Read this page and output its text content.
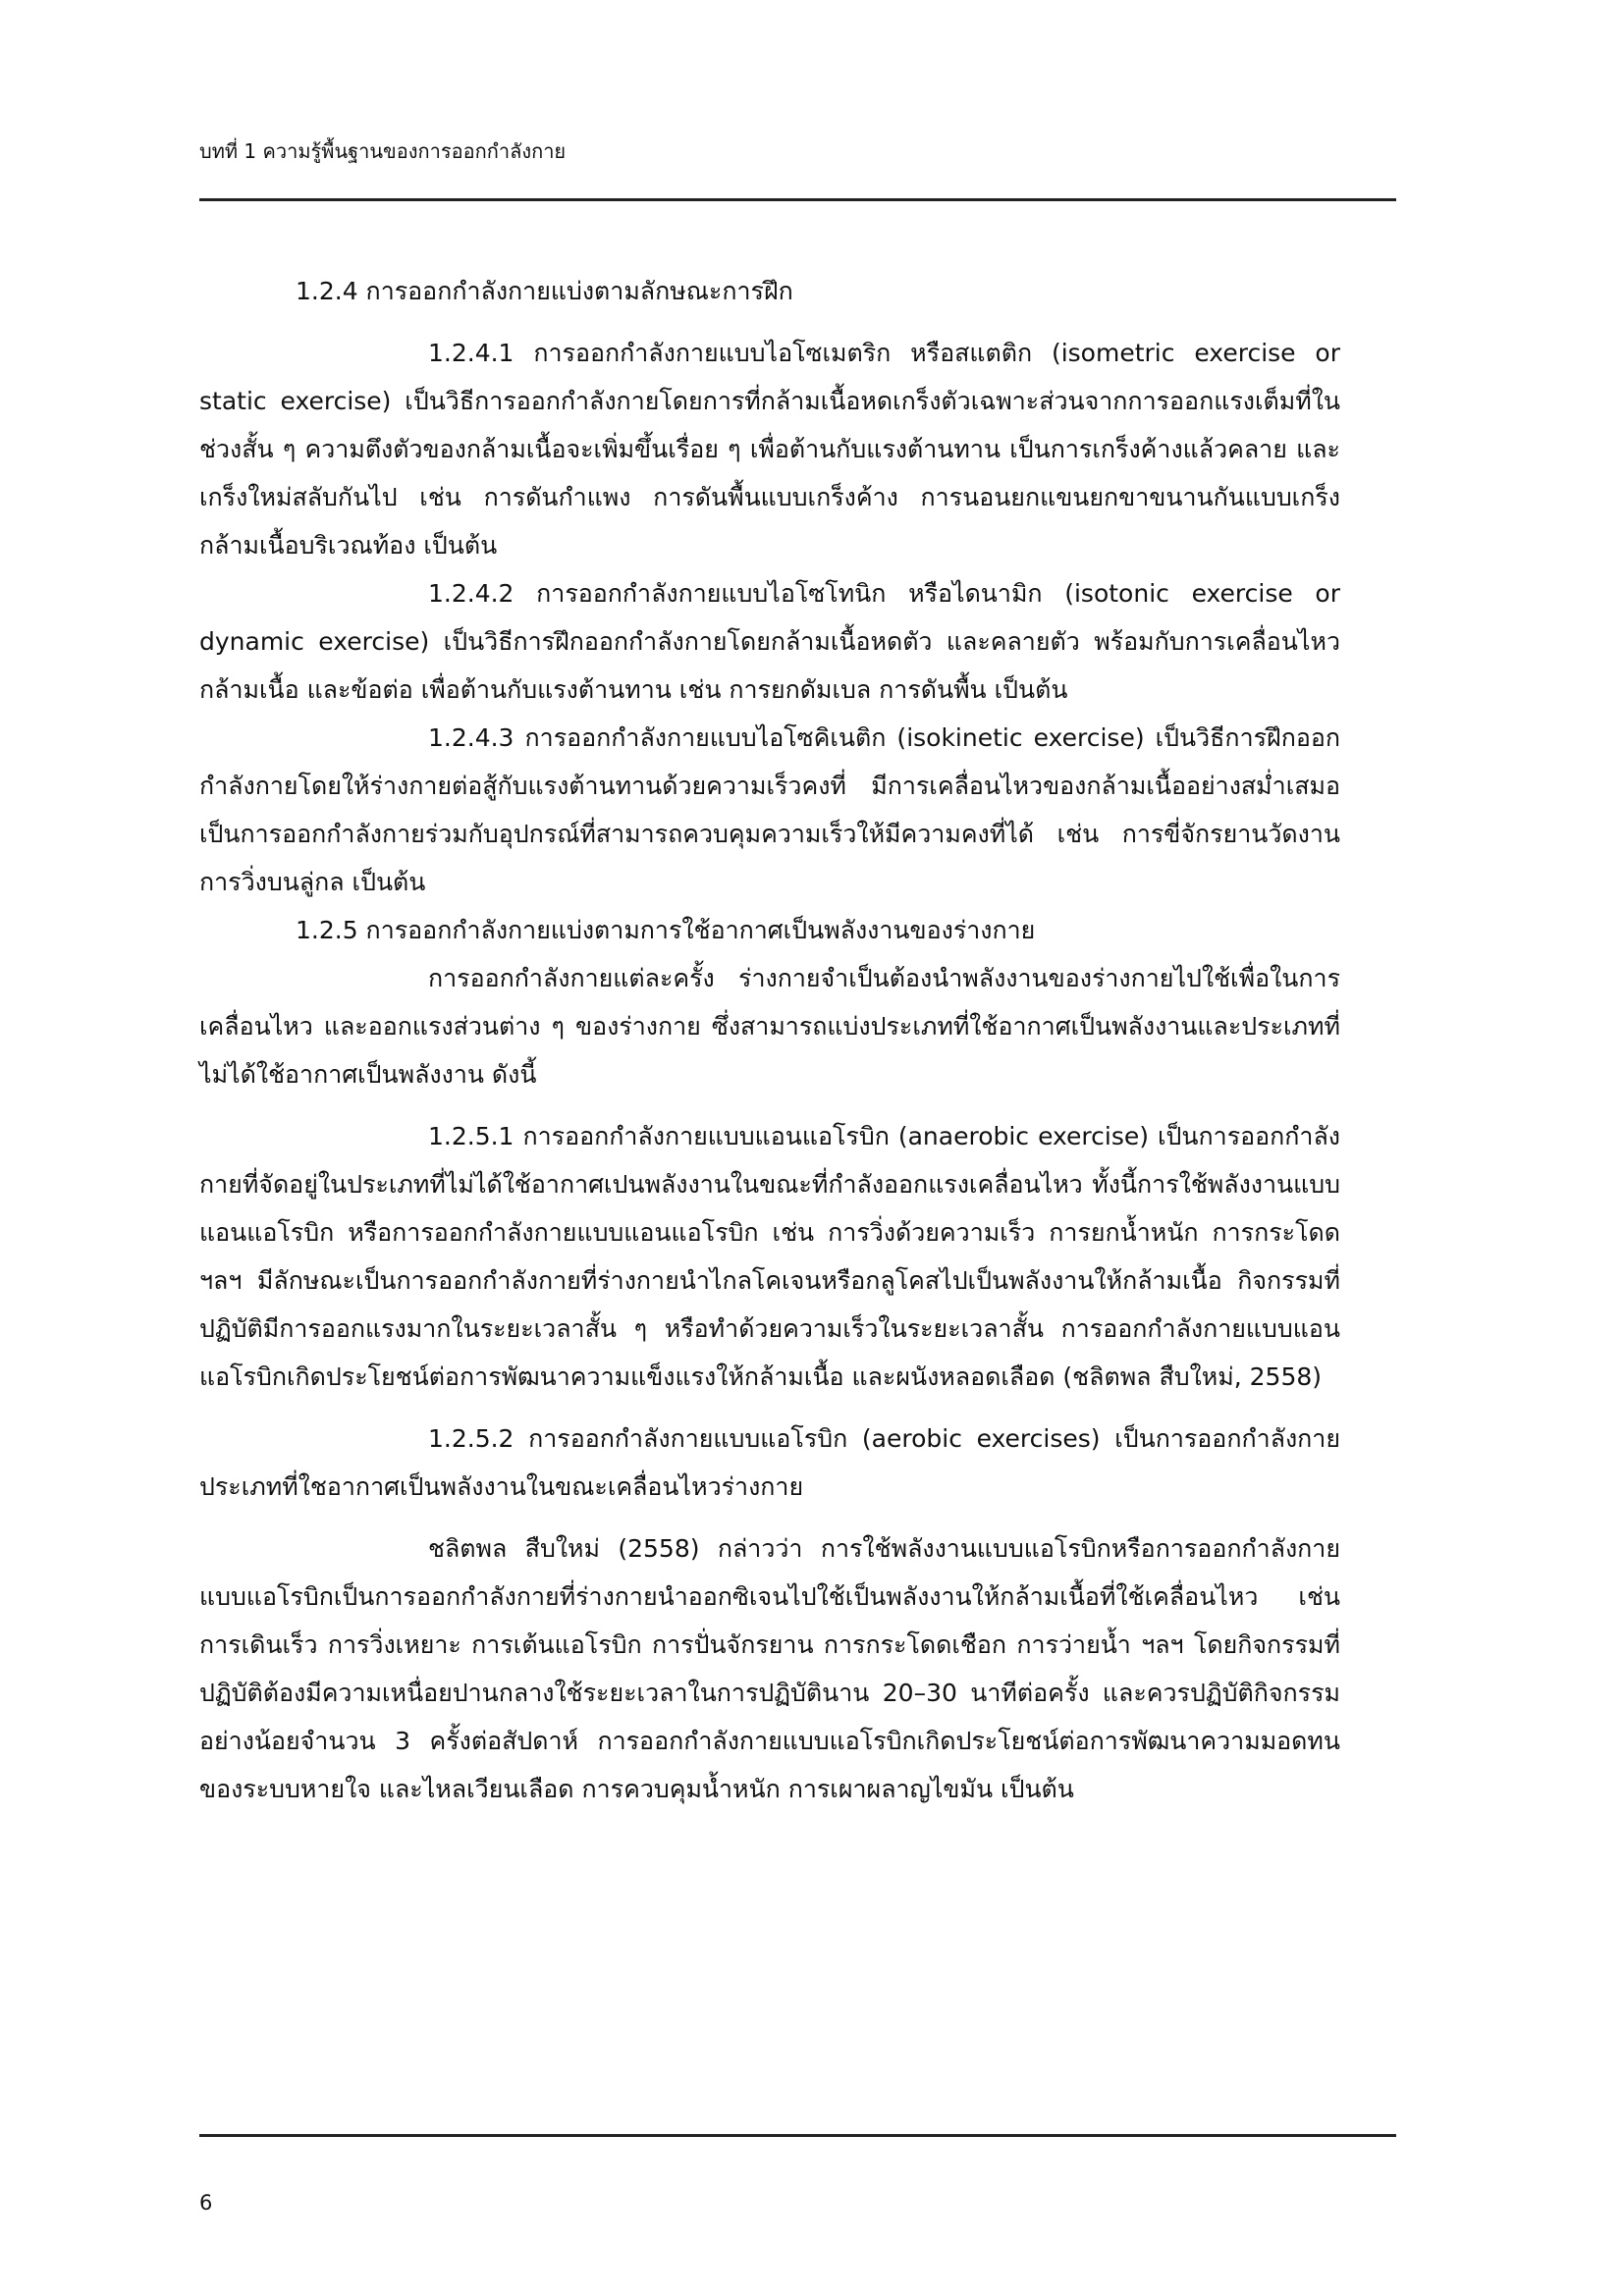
บทที่ 1 ความรู้พื้นฐานของการออกกำลังกาย

1.2.4 การออกกำลังกายแบ่งตามลักษณะการฝึก

1.2.4.1 การออกกำลังกายแบบไอโซเมตริก หรือสแตติก (isometric exercise or static exercise) เป็นวิธีการออกกำลังกายโดยการที่กล้ามเนื้อหดเกร็งตัวเฉพาะส่วนจากการออกแรงเต็มที่ในช่วงสั้น ๆ ความตึงตัวของกล้ามเนื้อจะเพิ่มขึ้นเรื่อย ๆ เพื่อต้านกับแรงต้านทาน เป็นการเกร็งค้างแล้วคลาย และเกร็งใหม่สลับกันไป เช่น การดันกำแพง การดันพื้นแบบเกร็งค้าง การนอนยกแขนยกขาขนานกันแบบเกร็งกล้ามเนื้อบริเวณท้อง เป็นต้น

1.2.4.2 การออกกำลังกายแบบไอโซโทนิก หรือไดนามิก (isotonic exercise or dynamic exercise) เป็นวิธีการฝึกออกกำลังกายโดยกล้ามเนื้อหดตัว และคลายตัว พร้อมกับการเคลื่อนไหวกล้ามเนื้อ และข้อต่อ เพื่อต้านกับแรงต้านทาน เช่น การยกดัมเบล การดันพื้น เป็นต้น

1.2.4.3 การออกกำลังกายแบบไอโซคิเนติก (isokinetic exercise) เป็นวิธีการฝึกออกกำลังกายโดยให้ร่างกายต่อสู้กับแรงต้านทานด้วยความเร็วคงที่ มีการเคลื่อนไหวของกล้ามเนื้ออย่างสม่ำเสมอ เป็นการออกกำลังกายร่วมกับอุปกรณ์ที่สามารถควบคุมความเร็วให้มีความคงที่ได้ เช่น การขี่จักรยานวัดงาน การวิ่งบนลู่กล เป็นต้น

1.2.5 การออกกำลังกายแบ่งตามการใช้อากาศเป็นพลังงานของร่างกาย

การออกกำลังกายแต่ละครั้ง ร่างกายจำเป็นต้องนำพลังงานของร่างกายไปใช้เพื่อในการเคลื่อนไหว และออกแรงส่วนต่าง ๆ ของร่างกาย ซึ่งสามารถแบ่งประเภทที่ใช้อากาศเป็นพลังงานและประเภทที่ไม่ได้ใช้อากาศเป็นพลังงาน ดังนี้

1.2.5.1 การออกกำลังกายแบบแอนแอโรบิก (anaerobic exercise) เป็นการออกกำลังกายที่จัดอยู่ในประเภทที่ไม่ได้ใช้อากาศเปนพลังงานในขณะที่กำลังออกแรงเคลื่อนไหว ทั้งนี้การใช้พลังงานแบบแอนแอโรบิก หรือการออกกำลังกายแบบแอนแอโรบิก เช่น การวิ่งด้วยความเร็ว การยกน้ำหนัก การกระโดด ฯลฯ มีลักษณะเป็นการออกกำลังกายที่ร่างกายนำไกลโคเจนหรือกลูโคสไปเป็นพลังงานให้กล้ามเนื้อ กิจกรรมที่ปฏิบัติมีการออกแรงมากในระยะเวลาสั้น ๆ หรือทำด้วยความเร็วในระยะเวลาสั้น การออกกำลังกายแบบแอนแอโรบิกเกิดประโยชน์ต่อการพัฒนาความแข็งแรงให้กล้ามเนื้อ และผนังหลอดเลือด (ชลิตพล สืบใหม่, 2558)

1.2.5.2 การออกกำลังกายแบบแอโรบิก (aerobic exercises) เป็นการออกกำลังกายประเภทที่ใชอากาศเป็นพลังงานในขณะเคลื่อนไหวร่างกาย

ชลิตพล สืบใหม่ (2558) กล่าวว่า การใช้พลังงานแบบแอโรบิกหรือการออกกำลังกายแบบแอโรบิกเป็นการออกกำลังกายที่ร่างกายนำออกซิเจนไปใช้เป็นพลังงานให้กล้ามเนื้อที่ใช้เคลื่อนไหว เช่น การเดินเร็ว การวิ่งเหยาะ การเต้นแอโรบิก การปั่นจักรยาน การกระโดดเชือก การว่ายน้ำ ฯลฯ โดยกิจกรรมที่ปฏิบัติต้องมีความเหนื่อยปานกลางใช้ระยะเวลาในการปฏิบัตินาน 20–30 นาทีต่อครั้ง และควรปฏิบัติกิจกรรมอย่างน้อยจำนวน 3 ครั้งต่อสัปดาห์ การออกกำลังกายแบบแอโรบิกเกิดประโยชน์ต่อการพัฒนาความมอดทนของระบบหายใจ และไหลเวียนเลือด การควบคุมน้ำหนัก การเผาผลาญไขมัน เป็นต้น

6
